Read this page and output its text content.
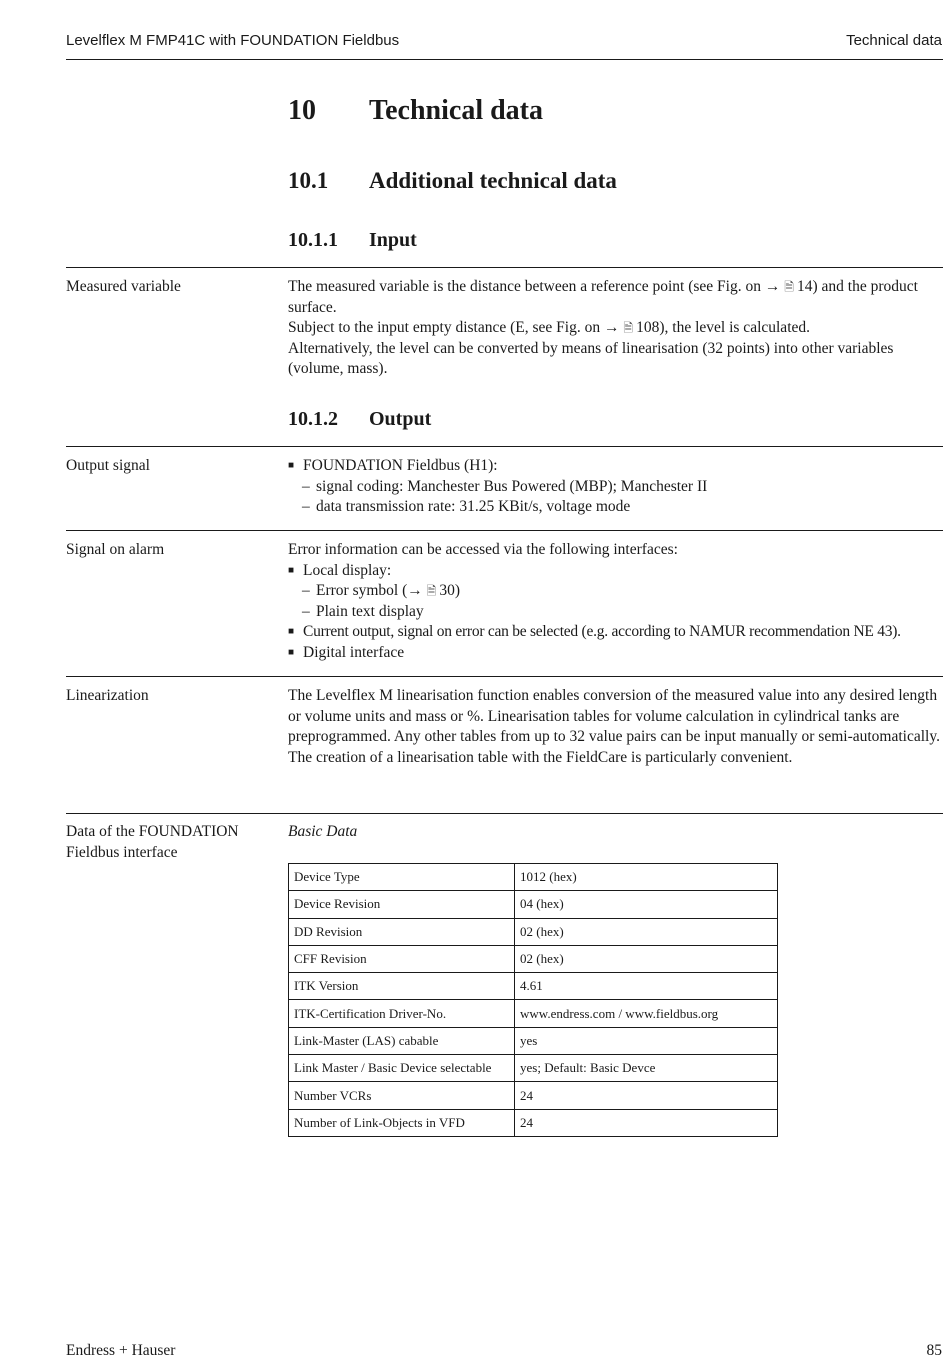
Levelflex M FMP41C with FOUNDATION Fieldbus	Technical data
10 Technical data
10.1 Additional technical data
10.1.1 Input
Measured variable	The measured variable is the distance between a reference point (see Fig. on → 🗎  14) and the product surface.

Subject to the input empty distance (E, see Fig. on → 🗎  108), the level is calculated.

Alternatively, the level can be converted by means of linearisation (32 points) into other variables (volume, mass).

10.1.2 Output
Output signal	■ FOUNDATION Fieldbus (H1):

– signal coding: Manchester Bus Powered (MBP); Manchester II

– data transmission rate: 31.25 KBit/s, voltage mode

Signal on alarm	Error information can be accessed via the following interfaces:

■ Local display:

– Error symbol (→ 🗎  30)

– Plain text display

■ Current output, signal on error can be selected (e.g. according to NAMUR recommendation NE 43).

■ Digital interface

Linearization	The Levelflex M linearisation function enables conversion of the measured value into any desired length or volume units and mass or %. Linearisation tables for volume calculation in cylindrical tanks are preprogrammed. Any other tables from up to 32 value pairs can be input manually or semi-automatically.

The creation of a linearisation table with the FieldCare is particularly convenient.

Data of the FOUNDATION Fieldbus interface
Basic Data
Device Type	1012 (hex)
Device Revision	04 (hex)
DD Revision	02 (hex)
CFF Revision	02 (hex)
ITK Version	4.61
ITK-Certification Driver-No.	www.endress.com / www.fieldbus.org
Link-Master (LAS) cabable	yes
Link Master / Basic Device selectable	yes; Default: Basic Devce
Number VCRs	24
Number of Link-Objects in VFD	24
Endress + Hauser	85
